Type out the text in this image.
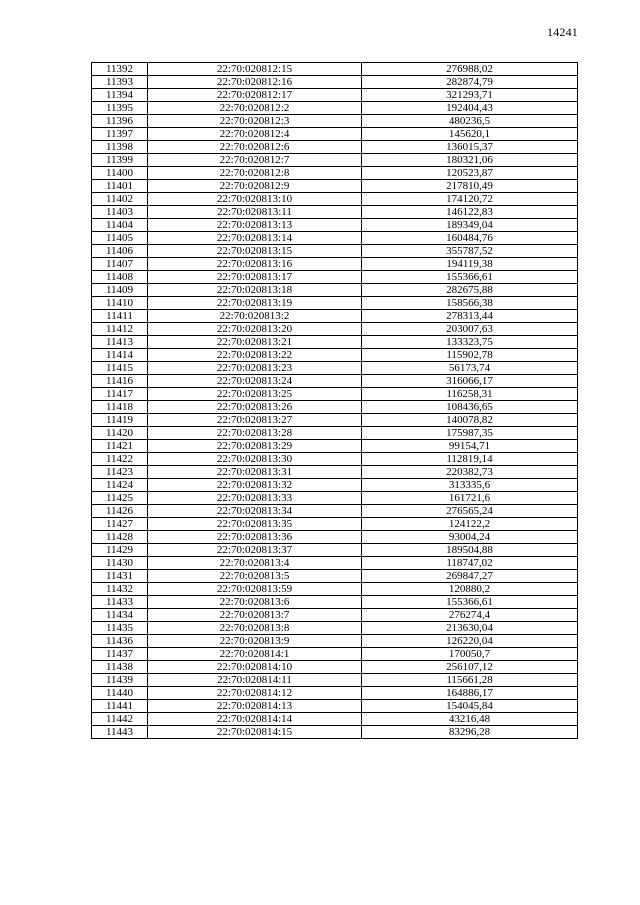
14241
11392	22:70:020812:15	276988,02
11393	22:70:020812:16	282874,79
11394	22:70:020812:17	321293,71
11395	22:70:020812:2	192404,43
11396	22:70:020812:3	480236,5
11397	22:70:020812:4	145620,1
11398	22:70:020812:6	136015,37
11399	22:70:020812:7	180321,06
11400	22:70:020812:8	120523,87
11401	22:70:020812:9	217810,49
11402	22:70:020813:10	174120,72
11403	22:70:020813:11	146122,83
11404	22:70:020813:13	189349,04
11405	22:70:020813:14	160484,76
11406	22:70:020813:15	355787,52
11407	22:70:020813:16	194119,38
11408	22:70:020813:17	155366,61
11409	22:70:020813:18	282675,88
11410	22:70:020813:19	158566,38
11411	22:70:020813:2	278313,44
11412	22:70:020813:20	203007,63
11413	22:70:020813:21	133323,75
11414	22:70:020813:22	115902,78
11415	22:70:020813:23	56173,74
11416	22:70:020813:24	316066,17
11417	22:70:020813:25	116258,31
11418	22:70:020813:26	108436,65
11419	22:70:020813:27	140078,82
11420	22:70:020813:28	175987,35
11421	22:70:020813:29	99154,71
11422	22:70:020813:30	112819,14
11423	22:70:020813:31	220382,73
11424	22:70:020813:32	313335,6
11425	22:70:020813:33	161721,6
11426	22:70:020813:34	276565,24
11427	22:70:020813:35	124122,2
11428	22:70:020813:36	93004,24
11429	22:70:020813:37	189504,88
11430	22:70:020813:4	118747,02
11431	22:70:020813:5	269847,27
11432	22:70:020813:59	120880,2
11433	22:70:020813:6	155366,61
11434	22:70:020813:7	276274,4
11435	22:70:020813:8	213630,04
11436	22:70:020813:9	126220,04
11437	22:70:020814:1	170050,7
11438	22:70:020814:10	256107,12
11439	22:70:020814:11	115661,28
11440	22:70:020814:12	164886,17
11441	22:70:020814:13	154045,84
11442	22:70:020814:14	43216,48
11443	22:70:020814:15	83296,28
